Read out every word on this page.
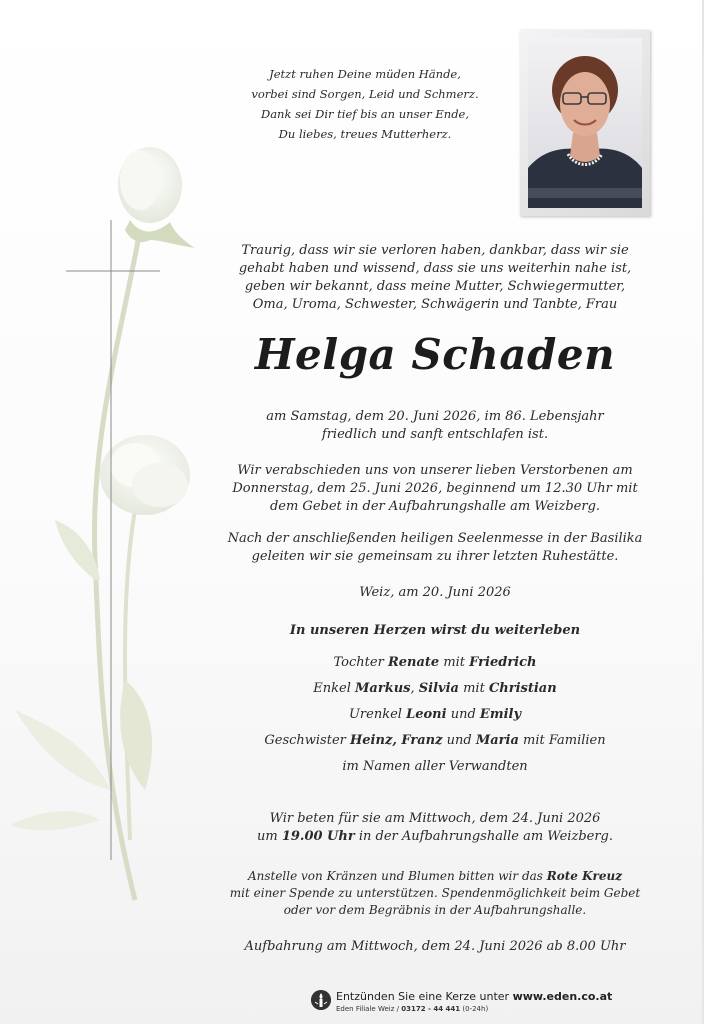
Jetzt ruhen Deine müden Hände,
vorbei sind Sorgen, Leid und Schmerz.
Dank sei Dir tief bis an unser Ende,
Du liebes, treues Mutterherz.
Traurig, dass wir sie verloren haben, dankbar, dass wir sie
gehabt haben und wissend, dass sie uns weiterhin nahe ist,
geben wir bekannt, dass meine Mutter, Schwiegermutter,
Oma, Uroma, Schwester, Schwägerin und Tanbte, Frau
Helga Schaden
am Samstag, dem 20. Juni 2026, im 86. Lebensjahr
friedlich und sanft entschlafen ist.
Wir verabschieden uns von unserer lieben Verstorbenen am
Donnerstag, dem 25. Juni 2026, beginnend um 12.30 Uhr mit
dem Gebet in der Aufbahrungshalle am Weizberg.
Nach der anschließenden heiligen Seelenmesse in der Basilika
geleiten wir sie gemeinsam zu ihrer letzten Ruhestätte.
Weiz, am 20. Juni 2026
In unseren Herzen wirst du weiterleben
Tochter Renate mit Friedrich
Enkel Markus, Silvia mit Christian
Urenkel Leoni und Emily
Geschwister Heinz, Franz und Maria mit Familien
im Namen aller Verwandten
Wir beten für sie am Mittwoch, dem 24. Juni 2026
um 19.00 Uhr in der Aufbahrungshalle am Weizberg.
Anstelle von Kränzen und Blumen bitten wir das Rote Kreuz
mit einer Spende zu unterstützen. Spendenmöglichkeit beim Gebet
oder vor dem Begräbnis in der Aufbahrungshalle.
Aufbahrung am Mittwoch, dem 24. Juni 2026 ab 8.00 Uhr
Entzünden Sie eine Kerze unter www.eden.co.at
Eden Filiale Weiz / 03172 - 44 441 (0-24h)
